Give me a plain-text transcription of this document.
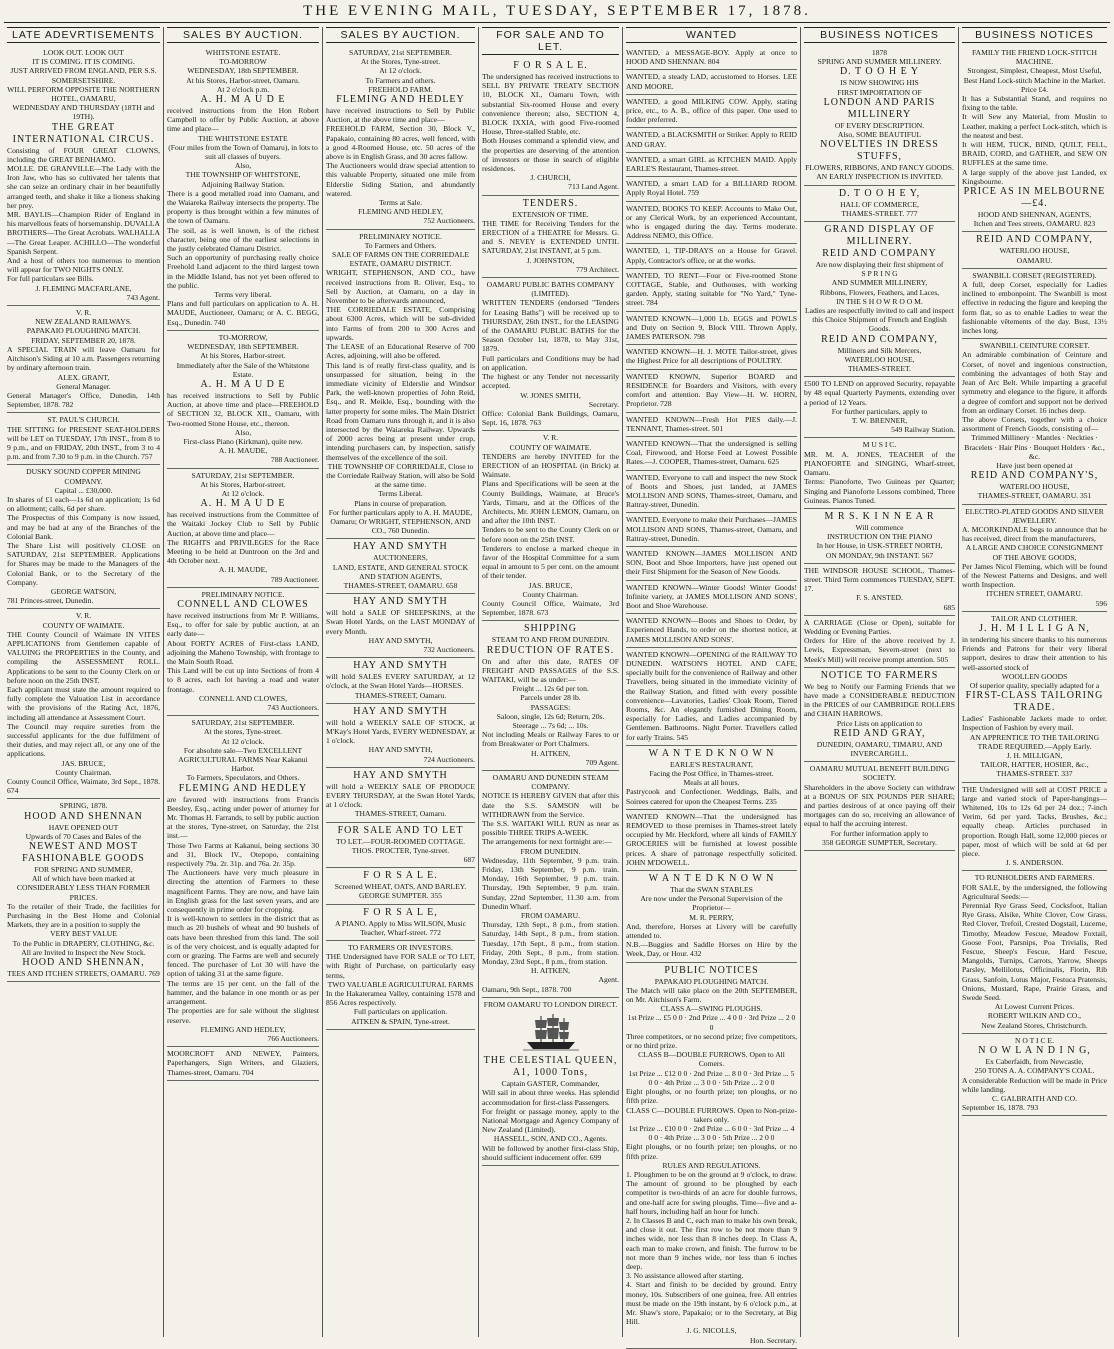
THE EVENING MAIL, TUESDAY, SEPTEMBER 17, 1878.
LATE ADEVRTISEMENTS

LOOK OUT. LOOK OUT

IT IS COMING. IT IS COMING.

JUST ARRIVED FROM ENGLAND, PER S.S. SOMERSETSHIRE.

WILL PERFORM OPPOSITE THE NORTHERN HOTEL, OAMARU,

WEDNESDAY AND THURSDAY (18TH and 19TH).

THE GREAT INTERNATIONAL CIRCUS.

Consisting of FOUR GREAT CLOWNS, including the GREAT BENHAMO.

MOLLE. DE GRANVILLE—The Lady with the Iron Jaw, who has so cultivated her talents that she can seize an ordinary chair in her beautifully arranged teeth, and shake it like a lioness shaking her prey.

MR. BAYLIS—Champion Rider of England in his marvellous feats of horsemanship. DUVALLA BROTHERS—The Great Acrobats. WALHALLA—The Great Leaper. ACHILLO—The wonderful Spanish Serpent.

And a host of others too numerous to mention will appear for TWO NIGHTS ONLY.

For full particulars see Bills.

J. FLEMING MACFARLANE,

743 Agent.

V. R.

NEW ZEALAND RAILWAYS.

PAPAKAIO PLOUGHING MATCH.

FRIDAY, SEPTEMBER 20, 1878.

A SPECIAL TRAIN will leave Oamaru for Aitchison's Siding at 10 a.m. Passengers returning by ordinary afternoon train.

ALEX. GRANT,

General Manager.

General Manager's Office, Dunedin, 14th September, 1878. 782

ST. PAUL'S CHURCH.

THE SITTING for PRESENT SEAT-HOLDERS will be LET on TUESDAY, 17th INST., from 8 to 9 p.m., and on FRIDAY, 20th INST., from 3 to 4 p.m. and from 7.30 to 9 p.m. in the Church. 757

DUSKY SOUND COPPER MINING COMPANY.

Capital ... £30,000.

In shares of £1 each—1s 6d on application; 1s 6d on allotment; calls, 6d per share.

The Prospectus of this Company is now issued, and may be had at any of the Branches of the Colonial Bank.

The Share List will positively CLOSE on SATURDAY, 21st SEPTEMBER. Applications for Shares may be made to the Managers of the Colonial Bank, or to the Secretary of the Company.

GEORGE WATSON,

781 Princes-street, Dunedin.

V. R.

COUNTY OF WAIMATE.

THE County Council of Waimate IN VITES APPLICATIONS from Gentlemen capable of VALUING the PROPERTIES in the County, and compiling the ASSESSMENT ROLL. Applications to be sent to the County Clerk on or before noon on the 25th INST.

Each applicant must state the amount required to fully complete the Valuation List in accordance with the provisions of the Rating Act, 1876, including all attendance at Assessment Court.

The Council may require sureties from the successful applicants for the due fulfilment of their duties, and may reject all, or any one of the applications.

JAS. BRUCE,

County Chairman.

County Council Office, Waimate, 3rd Sept., 1878. 674

SPRING, 1878.

HOOD AND SHENNAN

HAVE OPENED OUT

Upwards of 70 Cases and Bales of the

NEWEST AND MOST FASHIONABLE GOODS

FOR SPRING AND SUMMER,

All of which have been marked at

CONSIDERABLY LESS THAN FORMER PRICES.

To the retailer of their Trade, the facilities for Purchasing in the Best Home and Colonial Markets, they are in a position to supply the

VERY BEST VALUE

To the Public in DRAPERY, CLOTHING, &c.

All are Invited to Inspect the New Stock.

HOOD AND SHENNAN,

TEES AND ITCHEN STREETS, OAMARU. 769

SALES BY AUCTION.

WHITSTONE ESTATE.

TO-MORROW

WEDNESDAY, 18th SEPTEMBER.

At his Stores, Harbor-street, Oamaru.

At 2 o'clock p.m.

A. H. M A U D E

received instructions from the Hon Robert Campbell to offer by Public Auction, at above time and place—

THE WHITSTONE ESTATE

(Four miles from the Town of Oamaru), in lots to suit all classes of buyers.

Also,

THE TOWNSHIP OF WHITSTONE,

Adjoining Railway Station.

There is a good metalled road into Oamaru, and the Waiareka Railway intersects the property. The property is thus brought within a few minutes of the town of Oamaru.

The soil, as is well known, is of the richest character, being one of the earliest selections in the justly celebrated Oamaru District.

Such an opportunity of purchasing really choice Freehold Land adjacent to the third largest town in the Middle Island, has not yet been offered to the public.

Terms very liberal.

Plans and full particulars on application to A. H. MAUDE, Auctioneer, Oamaru; or A. C. BEGG, Esq., Dunedin. 740

TO-MORROW,

WEDNESDAY, 18th SEPTEMBER.

At his Stores, Harbor-street.

Immediately after the Sale of the Whitstone Estate.

A. H. M A U D E

has received instructions to Sell by Public Auction, at above time and place—FREEHOLD of SECTION 32, BLOCK XII., Oamaru, with Two-roomed Stone House, etc., thereon.

Also,

First-class Piano (Kirkman), quite new.

A. H. MAUDE,

788 Auctioneer.

SATURDAY, 21st SEPTEMBER.

At his Stores, Harbor-street.

At 12 o'clock.

A. H. M A U D E

has received instructions from the Committee of the Waitaki Jockey Club to Sell by Public Auction, at above time and place—

The RIGHTS and PRIVILEGES for the Race Meeting to be held at Duntroon on the 3rd and 4th October next.

A. H. MAUDE,

789 Auctioneer.

PRELIMINARY NOTICE.

CONNELL AND CLOWES

have received instructions from Mr P. Williams, Esq., to offer for sale by public auction, at an early date—

About FORTY ACRES of First-class LAND, adjoining the Maheno Township, with frontage to the Main South Road.

This Land will be cut up into Sections of from 4 to 8 acres, each lot having a road and water frontage.

CONNELL AND CLOWES,

743 Auctioneers.

SATURDAY, 21st SEPTEMBER.

At the stores, Tyne-street.

At 12 o'clock.

For absolute sale—Two EXCELLENT AGRICULTURAL FARMS Near Kakanui Harbor.

To Farmers, Speculators, and Others.

FLEMING AND HEDLEY

are favored with instructions from Francis Beesley, Esq., acting under power of attorney for Mr. Thomas H. Farrands, to sell by public auction at the stores, Tyne-street, on Saturday, the 21st inst.—

Those Two Farms at Kakanui, being sections 30 and 31, Block IV., Otepopo, containing respectively 79a. 2r. 31p. and 76a. 2r. 35p.

The Auctioneers have very much pleasure in directing the attention of Farmers to these magnificent Farms. They are now, and have lain in English grass for the last seven years, and are consequently in prime order for cropping.

It is well-known to settlers in the district that as much as 20 bushels of wheat and 90 bushels of oats have been threshed from this land. The soil is of the very choicest, and is equally adapted for corn or grazing. The Farms are well and securely fenced. The purchaser of Lot 30 will have the option of taking 31 at the same figure.

The terms are 15 per cent. on the fall of the hammer, and the balance in one month or as per arrangement.

The properties are for sale without the slightest reserve.

FLEMING AND HEDLEY,

766 Auctioneers.

MOORCROFT AND NEWEY, Painters, Paperhangers, Sign Writers, and Glaziers, Thames-street, Oamaru. 704

SALES BY AUCTION.

SATURDAY, 21st SEPTEMBER.

At the Stores, Tyne-street.

At 12 o'clock.

To Farmers and others.

FREEHOLD FARM.

FLEMING AND HEDLEY

have received instructions to Sell by Public Auction, at the above time and place—

FREEHOLD FARM, Section 30, Block V., Papakaio, containing 80 acres, well fenced, with a good 4-Roomed House, etc. 50 acres of the above is in English Grass, and 30 acres fallow.

The Auctioneers would draw special attention to this valuable Property, situated one mile from Elderslie Siding Station, and abundantly watered.

Terms at Sale.

FLEMING AND HEDLEY,

752 Auctioneers.

PRELIMINARY NOTICE.

To Farmers and Others.

SALE OF FARMS ON THE CORRIEDALE ESTATE, OAMARU DISTRICT.

WRIGHT, STEPHENSON, AND CO., have received instructions from R. Oliver, Esq., to Sell by Auction, at Oamaru, on a day in November to be afterwards announced,

THE CORRIEDALE ESTATE, Comprising about 6300 Acres, which will be sub-divided into Farms of from 200 to 300 Acres and upwards.

The LEASE of an Educational Reserve of 700 Acres, adjoining, will also be offered.

This land is of really first-class quality, and is unsurpassed for situation, being in the immediate vicinity of Elderslie and Windsor Park, the well-known properties of John Reid, Esq., and R. Meikle, Esq., bounding with the latter property for some miles. The Main District Road from Oamaru runs through it, and it is also intersected by the Waiareka Railway. Upwards of 2000 acres being at present under crop, intending purchasers can, by inspection, satisfy themselves of the excellence of the soil.

THE TOWNSHIP OF CORRIEDALE, Close to the Corriedale Railway Station, will also be Sold at the same time.

Terms Liberal.

Plans in course of preparation.

For further particulars apply to A. H. MAUDE, Oamaru; Or WRIGHT, STEPHENSON, AND CO., 760 Dunedin.

HAY AND SMYTH

AUCTIONEERS,

LAND, ESTATE, AND GENERAL STOCK AND STATION AGENTS,

THAMES-STREET, OAMARU. 658

HAY AND SMYTH

will hold a SALE OF SHEEPSKINS, at the Swan Hotel Yards, on the LAST MONDAY of every Month.

HAY AND SMYTH,

732 Auctioneers.

HAY AND SMYTH

will hold SALES EVERY SATURDAY, at 12 o'clock, at the Swan Hotel Yards—HORSES.

THAMES-STREET, Oamaru.

HAY AND SMYTH

will hold a WEEKLY SALE OF STOCK, at M'Kay's Hotel Yards, EVERY WEDNESDAY, at 1 o'clock.

HAY AND SMYTH,

724 Auctioneers.

HAY AND SMYTH

will hold a WEEKLY SALE OF PRODUCE EVERY THURSDAY, at the Swan Hotel Yards, at 1 o'clock.

THAMES-STREET, Oamaru.

FOR SALE AND TO LET

TO LET.—FOUR-ROOMED COTTAGE.

THOS. PROCTER, Tyne-street.

687

F O R S A L E.

Screened WHEAT, OATS, AND BARLEY.

GEORGE SUMPTER. 355

F O R S A L E,

A PIANO. Apply to Miss WILSON, Music Teacher, Wharf-street. 772

TO FARMERS OR INVESTORS.

THE Undersigned have FOR SALE or TO LET, with Right of Purchase, on particularly easy terms,

TWO VALUABLE AGRICULTURAL FARMS

In the Hakateramea Valley, containing 1578 and 856 Acres respectively.

Full particulars on application.

AITKEN & SPAIN, Tyne-street.

FOR SALE AND TO LET.

F O R S A L E.

The undersigned has received instructions to SELL BY PRIVATE TREATY SECTION 10, BLOCK XI., Oamaru Town, with substantial Six-roomed House and every convenience thereon; also, SECTION 4, BLOCK IXXIA, with good Five-roomed House, Three-stalled Stable, etc.

Both Houses command a splendid view, and the properties are deserving of the attention of investors or those in search of eligible residences.

J. CHURCH,

713 Land Agent.

TENDERS.

EXTENSION OF TIME.

THE TIME for Receiving Tenders for the ERECTION of a THEATRE for Messrs. G. and S. NEVEY is EXTENDED UNTIL SATURDAY, 21st INSTANT, at 5 p.m.

J. JOHNSTON,

779 Architect.

OAMARU PUBLIC BATHS COMPANY (LIMITED).

WRITTEN TENDERS (endorsed "Tenders for Leasing Baths") will be received up to THURSDAY, 26th INST., for the LEASING of the OAMARU PUBLIC BATHS for the Season October 1st, 1878, to May 31st, 1879.

Full particulars and Conditions may be had on application.

The highest or any Tender not necessarily accepted.

W. JONES SMITH,

Secretary.

Office: Colonial Bank Buildings, Oamaru, Sept. 16, 1878. 763

V. R.

COUNTY OF WAIMATE.

TENDERS are hereby INVITED for the ERECTION of an HOSPITAL (in Brick) at Waimate.

Plans and Specifications will be seen at the County Buildings, Waimate, at Bruce's Yards, Timaru, and at the Offices of the Architects, Mr. JOHN LEMON, Oamaru, on and after the 10th INST.

Tenders to be sent to the County Clerk on or before noon on the 25th INST.

Tenderers to enclose a marked cheque in favor of the Hospital Committee for a sum equal in amount to 5 per cent. on the amount of their tender.

JAS. BRUCE,

County Chairman.

County Council Office, Waimate, 3rd September, 1878. 673

SHIPPING

STEAM TO AND FROM DUNEDIN.

REDUCTION OF RATES.

On and after this date, RATES OF FREIGHT AND PASSAGES of the S.S. WAITAKI, will be as under:—

Freight ... 12s 6d per ton.

Parcels under 28 lb.

PASSAGES:

Saloon, single, 12s 6d; Return, 20s.

Steerage ... 7s 6d; ... 10s.

Not including Meals or Railway Fares to or from Breakwater or Port Chalmers.

H. AITKEN,

709 Agent.

OAMARU AND DUNEDIN STEAM COMPANY.

NOTICE IS HEREBY GIVEN that after this date the S.S. SAMSON will be WITHDRAWN from the Service.

The S.S. WAITAKI WILL RUN as near as possible THREE TRIPS A-WEEK.

The arrangements for next fortnight are:—

FROM DUNEDIN.

Wednesday, 11th September, 9 p.m. train. Friday, 13th September, 9 p.m. train. Monday, 16th September, 9 p.m. train. Thursday, 19th September, 9 p.m. train. Sunday, 22nd September, 11.30 a.m. from Dunedin Wharf.

FROM OAMARU.

Thursday, 12th Sept., 8 p.m., from station. Saturday, 14th Sept., 8 p.m., from station. Tuesday, 17th Sept., 8 p.m., from station. Friday, 20th Sept., 8 p.m., from station. Monday, 23rd Sept., 8 p.m., from station.

H. AITKEN,

Agent.

Oamaru, 9th Sept., 1878. 700

FROM OAMARU TO LONDON DIRECT.

THE CELESTIAL QUEEN, A1, 1000 Tons,

Captain GASTER, Commander,

Will sail in about three weeks. Has splendid accommodation for first-class Passengers.

For freight or passage money, apply to the National Mortgage and Agency Company of New Zealand (Limited).

HASSELL, SON, AND CO., Agents.

Will be followed by another first-class Ship, should sufficient inducement offer. 699

WANTED

WANTED, a MESSAGE-BOY. Apply at once to HOOD AND SHENNAN. 804

WANTED, a steady LAD, accustomed to Horses. LEE AND MOORE.

WANTED, a good MILKING COW. Apply, stating price, etc., to A. B., office of this paper. One used to fodder preferred.

WANTED, a BLACKSMITH or Striker. Apply to REID AND GRAY.

WANTED, a smart GIRL as KITCHEN MAID. Apply EARLE'S Restaurant, Thames-street.

WANTED, a smart LAD for a BILLIARD ROOM. Apply Royal Hotel. 759

WANTED, BOOKS TO KEEP. Accounts to Make Out, or any Clerical Work, by an experienced Accountant, who is engaged during the day. Terms moderate. Address NEMO, this Office.

WANTED, 1, TIP-DRAYS on a House for Gravel. Apply, Contractor's office, or at the works.

WANTED, TO RENT—Four or Five-roomed Stone COTTAGE, Stable, and Outhouses, with working garden. Apply, stating suitable for "No Yard," Tyne-street. 784

WANTED KNOWN—1,000 Lb. EGGS and POWLS and Duty on Section 9, Block VIII. Thrown Apply, JAMES PATERSON. 798

WANTED KNOWN—H. J. MOTE Tailor-street, gives the Highest Price for all descriptions of POULTRY.

WANTED KNOWN, Superior BOARD and RESIDENCE for Boarders and Visitors, with every comfort and attention. Bay View—H. W. HORN, Proprietor. 728

WANTED KNOWN—Fresh Hot PIES daily.—J. TENNANT, Thames-street. 501

WANTED KNOWN—That the undersigned is selling Coal, Firewood, and Horse Feed at Lowest Possible Rates.—J. COOPER, Thames-street, Oamaru. 625

WANTED, Everyone to call and inspect the new Stock of Boots and Shoes, just landed, at JAMES MOLLISON AND SONS, Thames-street, Oamaru, and Rattray-street, Dunedin.

WANTED, Everyone to make their Purchases—JAMES MOLLISON AND SONS, Thames-street, Oamaru, and Rattray-street, Dunedin.

WANTED KNOWN—JAMES MOLLISON AND SON, Boot and Shoe Importers, have just opened out their First Shipment for the Season of New Goods.

WANTED KNOWN—Winter Goods! Winter Goods! Infinite variety, at JAMES MOLLISON AND SONS', Boot and Shoe Warehouse.

WANTED KNOWN—Boots and Shoes to Order, by Experienced Hands, to order on the shortest notice, at JAMES MOLLISON AND SONS'.

WANTED KNOWN—OPENING of the RAILWAY TO DUNEDIN. WATSON'S HOTEL AND CAFE, specially built for the convenience of Railway and other Travellers, being situated in the immediate vicinity of the Railway Station, and fitted with every possible convenience—Lavatories, Ladies' Cloak Room, Tiered Rooms, &c. An elegantly furnished Dining Room, especially for Ladies, and Ladies accompanied by Gentlemen. Bathrooms. Night Porter. Travellers called for early Trains. 545

W A N T E D K N O W N

EARLE'S RESTAURANT,

Facing the Post Office, in Thames-street.

Meals at all hours.

Pastrycook and Confectioner. Weddings, Balls, and Soirees catered for upon the Cheapest Terms. 235

WANTED KNOWN—That the undersigned has REMOVED to those premises in Thames-street lately occupied by Mr. Heckford, where all kinds of FAMILY GROCERIES will be furnished at lowest possible prices. A share of patronage respectfully solicited. JOHN M'DOWELL.

W A N T E D K N O W N

That the SWAN STABLES

Are now under the Personal Supervision of the Proprietor—

M. R. PERRY,

And, therefore, Horses at Livery will be carefully attended to.

N.B.—Buggies and Saddle Horses on Hire by the Week, Day, or Hour. 432

PUBLIC NOTICES

PAPAKAIO PLOUGHING MATCH.

The Match will take place on the 20th SEPTEMBER, on Mr. Aitchison's Farm.

CLASS A—SWING PLOUGHS.

1st Prize ... £5 0 0 · 2nd Prize ... 4 0 0 · 3rd Prize ... 2 0 0

Three competitors, or no second prize; five competitors, or no third prize.

CLASS B—DOUBLE FURROWS. Open to All Comers.

1st Prize ... £12 0 0 · 2nd Prize ... 8 0 0 · 3rd Prize ... 5 0 0 · 4th Prize ... 3 0 0 · 5th Prize ... 2 0 0

Eight ploughs, or no fourth prize; ten ploughs, or no fifth prize.

CLASS C—DOUBLE FURROWS. Open to Non-prize-takers only.

1st Prize ... £10 0 0 · 2nd Prize ... 6 0 0 · 3rd Prize ... 4 0 0 · 4th Prize ... 3 0 0 · 5th Prize ... 2 0 0

Eight ploughs, or no fourth prize; ten ploughs, or no fifth prize.

RULES AND REGULATIONS.

1. Ploughmen to be on the ground at 9 o'clock, to draw. The amount of ground to be ploughed by each competitor is two-thirds of an acre for double furrows, and one-half acre for swing ploughs. Time—five and a-half hours, including half an hour for lunch.

2. In Classes B and C, each man to make his own break, and close it out. The first row to be not more than 9 inches wide, nor less than 8 inches deep. In Class A, each man to make crown, and finish. The furrow to be not more than 9 inches wide, nor less than 6 inches deep.

3. No assistance allowed after starting.

4. Start and finish to be decided by ground. Entry money, 10s. Subscribers of one guinea, free. All entries must be made on the 19th instant, by 6 o'clock p.m., at Mr. Shaw's store, Papakaio; or to the Secretary, at Big Hill.

J. G. NICOLLS,

Hon. Secretary.

BUSINESS NOTICES

1878

SPRING AND SUMMER MILLINERY.

D. T O O H E Y

IS NOW SHOWING HIS

FIRST IMPORTATION OF

LONDON AND PARIS MILLINERY

OF EVERY DESCRIPTION.

Also, SOME BEAUTIFUL

NOVELTIES IN DRESS STUFFS,

FLOWERS, RIBBONS, AND FANCY GOODS.

AN EARLY INSPECTION IS INVITED.

D. T O O H E Y,

HALL OF COMMERCE,

THAMES-STREET. 777

GRAND DISPLAY OF MILLINERY.

REID AND COMPANY

Are now displaying their first shipment of

S P R I N G

AND SUMMER MILLINERY,

Ribbons, Flowers, Feathers, and Laces,

IN THE S H O W R O O M.

Ladies are respectfully invited to call and inspect this Choice Shipment of French and English Goods.

REID AND COMPANY,

Milliners and Silk Mercers,

WATERLOO HOUSE,

THAMES-STREET.

£500 TO LEND on approved Security, repayable by 48 equal Quarterly Payments, extending over a period of 12 Years.

For further particulars, apply to

T. W. BRENNER,

549 Railway Station.

M U S I C.

MR. M. A. JONES, TEACHER of the PIANOFORTE and SINGING, Wharf-street, Oamaru.

Terms: Pianoforte, Two Guineas per Quarter; Singing and Pianoforte Lessons combined, Three Guineas. Pianos Tuned.

M R S. K I N N E A R

Will commence

INSTRUCTION ON THE PIANO

In her House, in USK-STREET NORTH,

ON MONDAY, 9th INSTANT. 567

THE WINDSOR HOUSE SCHOOL, Thames-street. Third Term commences TUESDAY, SEPT. 17.

F. S. ANSTED.

685

A CARRIAGE (Close or Open), suitable for Wedding or Evening Parties.

Orders for Hire of the above received by J. Lewis, Expressman, Severn-street (next to Meek's Mill) will receive prompt attention. 505

NOTICE TO FARMERS

We beg to Notify our Farming Friends that we have made a CONSIDERABLE REDUCTION in the PRICES of our CAMBRIDGE ROLLERS and CHAIN HARROWS.

Price Lists on application to

REID AND GRAY,

DUNEDIN, OAMARU, TIMARU, AND INVERCARGILL.

OAMARU MUTUAL BENEFIT BUILDING SOCIETY.

Shareholders in the above Society can withdraw at a BONUS OF SIX POUNDS PER SHARE; and parties desirous of at once paying off their mortgages can do so, receiving an allowance of equal to half the accruing interest.

For further information apply to

358 GEORGE SUMPTER, Secretary.

BUSINESS NOTICES

FAMILY THE FRIEND LOCK-STITCH MACHINE.

Strongest, Simplest, Cheapest, Most Useful, Best Hand Lock-stitch Machine in the Market. Price £4.

It has a Substantial Stand, and requires no fixing to the table.

It will Sew any Material, from Muslin to Leather, making a perfect Lock-stitch, which is the neatest and best.

It will HEM, TUCK, BIND, QUILT, FELL, BRAID, CORD, and GATHER, and SEW ON RUFFLES at the same time.

A large supply of the above just Landed, ex Kingsbourne.

PRICE AS IN MELBOURNE—£4.

HOOD AND SHENNAN, AGENTS,

Itchen and Tees streets, OAMARU. 823

REID AND COMPANY,

WATERLOO HOUSE,

OAMARU.

SWANBILL CORSET (REGISTERED).

A full, deep Corset, especially for Ladies inclined to embonpoint. The Swanbill is most effective in reducing the figure and keeping the form flat, so as to enable Ladies to wear the fashionable vêtements of the day. Bust, 13½ inches long.

SWANBILL CEINTURE CORSET.

An admirable combination of Ceinture and Corset, of novel and ingenious construction, combining the advantages of both Stay and Jean of Arc Belt. While imparting a graceful symmetry and elegance to the figure, it affords a degree of comfort and support not be derived from an ordinary Corset. 16 inches deep.

The above Corsets, together with a choice assortment of French Goods, consisting of—

Trimmed Millinery · Mantles · Neckties · Bracelets · Hair Pins · Bouquet Holders · &c., &c.

Have just been opened at

REID AND COMPANY'S,

WATERLOO HOUSE,

THAMES-STREET, OAMARU. 351

ELECTRO-PLATED GOODS AND SILVER JEWELLERY.

A. MCORKINDALE begs to announce that he has received, direct from the manufacturers,

A LARGE AND CHOICE CONSIGNMENT OF THE ABOVE GOODS,

Per James Nicol Fleming, which will be found of the Newest Patterns and Designs, and well worth Inspection.

ITCHEN STREET, OAMARU.

596

TAILOR AND CLOTHIER.

J. H. M I L L I G A N,

in tendering his sincere thanks to his numerous Friends and Patrons for their very liberal support, desires to draw their attention to his well-assorted stock of

WOOLLEN GOODS

Of superior quality, specially adapted for a

FIRST-CLASS TAILORING TRADE.

Ladies' Fashionable Jackets made to order. Inspection of Fashion by every mail.

AN APPRENTICE TO THE TAILORING TRADE REQUIRED.—Apply Early.

J. H. MILLIGAN,

TAILOR, HATTER, HOSIER, &c.,

THAMES-STREET. 337

THE Undersigned will sell at COST PRICE a large and varied stock of Paper-hangings—Whitened, 10s to 12s 6d per 24 doz.; 7-inch Verim, 6d per yard. Tacks, Brushes, &c.; equally cheap. Articles purchased in proportion. Rough Hall, some 12,000 pieces or paper, most of which will be sold at 6d per piece.

J. S. ANDERSON.

TO RUNHOLDERS AND FARMERS.

FOR SALE, by the undersigned, the following Agricultural Seeds:—

Perennial Rye Grass Seed, Cocksfoot, Italian Rye Grass, Alsike, White Clover, Cow Grass, Red Clover, Trefoil, Crested Dogstail, Lucerne, Timothy, Meadow Fescue, Meadow Foxtail, Goose Foot, Parsnips, Poa Trivialis, Red Fescue, Sheep's Fescue, Hard Fescue, Mangolds, Turnips, Carrots, Yarrow, Sheeps Parsley, Mellilotus, Officinalis, Florin, Rib Grass, Sanfoin, Lotus Major, Festuca Pratensis, Onions, Mustard, Rape, Prairie Grass, and Swede Seed.

At Lowest Current Prices.

ROBERT WILKIN AND CO.,

New Zealand Stores, Christchurch.

N O T I C E.

N O W L A N D I N G,

Ex Caberfaidh, from Newcastle,

250 TONS A. A. COMPANY'S COAL.

A considerable Reduction will be made in Price while landing.

C. GALBRAITH AND CO.

September 16, 1878. 793
